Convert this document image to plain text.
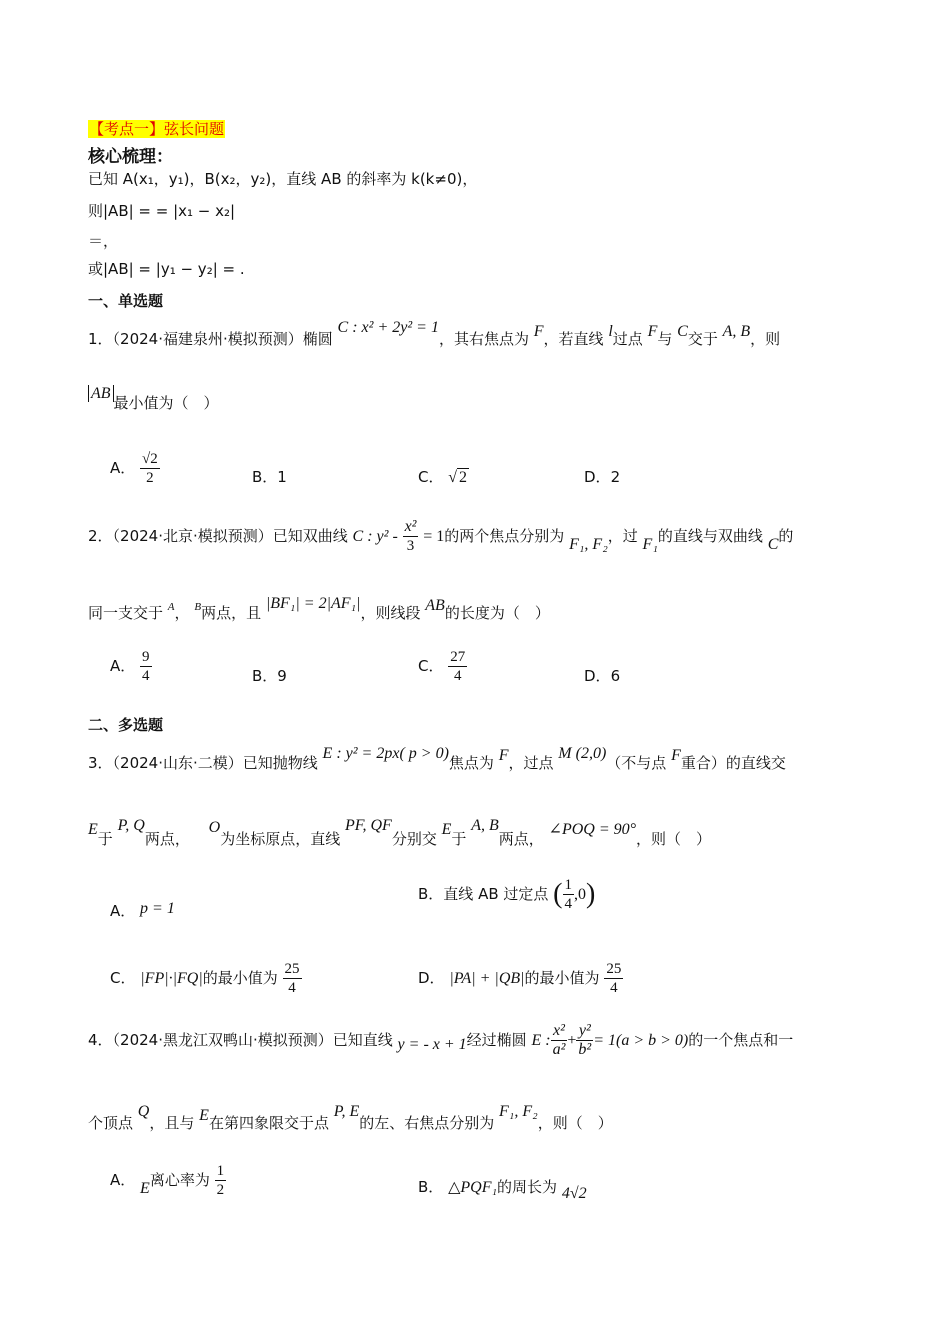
【考点一】弦长问题
核心梳理：
已知 A(x₁，y₁)，B(x₂，y₂)，直线 AB 的斜率为 k(k≠0)，
则|AB| = = |x₁ − x₂|
＝，
或|AB| = |y₁ − y₂| = .
一、单选题
1．（2024·福建泉州·模拟预测）椭圆 C : x² + 2y² = 1，其右焦点为 F，若直线 l过点 F与 C交于 A, B，则
AB最小值为（　）
A． $\frac{√2}{2}$	B．1	C． √ 2	D．2
2．（2024·北京·模拟预测）已知双曲线 C : $y^2 - \frac{\text{x²}}{3} = 1$的两个焦点分别为 F₁, F₂，过 F₁的直线与双曲线 C的
同一支交于 $^A$， $^B$两点，且 |BF₁| = 2|AF₁|，则线段 AB的长度为（　）
A． $\frac{9}{4}$	B．9
C． $\frac{27}{4}$	D．6
二、多选题
3．（2024·山东·二模）已知抛物线 E : y² = 2px( p > 0)焦点为 F，过点 M (2,0)（不与点 F重合）的直线交
E于 P, Q两点， O为坐标原点，直线 PF, QF分别交 E于 A, B两点， ∠POQ = 90°，则（　）
A． p = 1
B．直线 AB 过定点 ( $\frac{1}{4} ,0$)
C． |FP|·|FQ|的最小值为 $\frac{25}{4}$	D． |PA| + |QB|的最小值为 $\frac{25}{4}$
4．（2024·黑龙江双鸭山·模拟预测）已知直线 y = - x + 1经过椭圆 E : $\frac{\text{x²}}{\text{a²}} + \frac{\text{y²}}{\text{b²}} = 1(a > b > 0)$的一个焦点和一
个顶点 Q，且与 E在第四象限交于点 P, E的左、右焦点分别为 F₁, F₂，则（　）
A． E离心率为 $\frac{1}{2}$	B． △PQF₁的周长为 4√2
